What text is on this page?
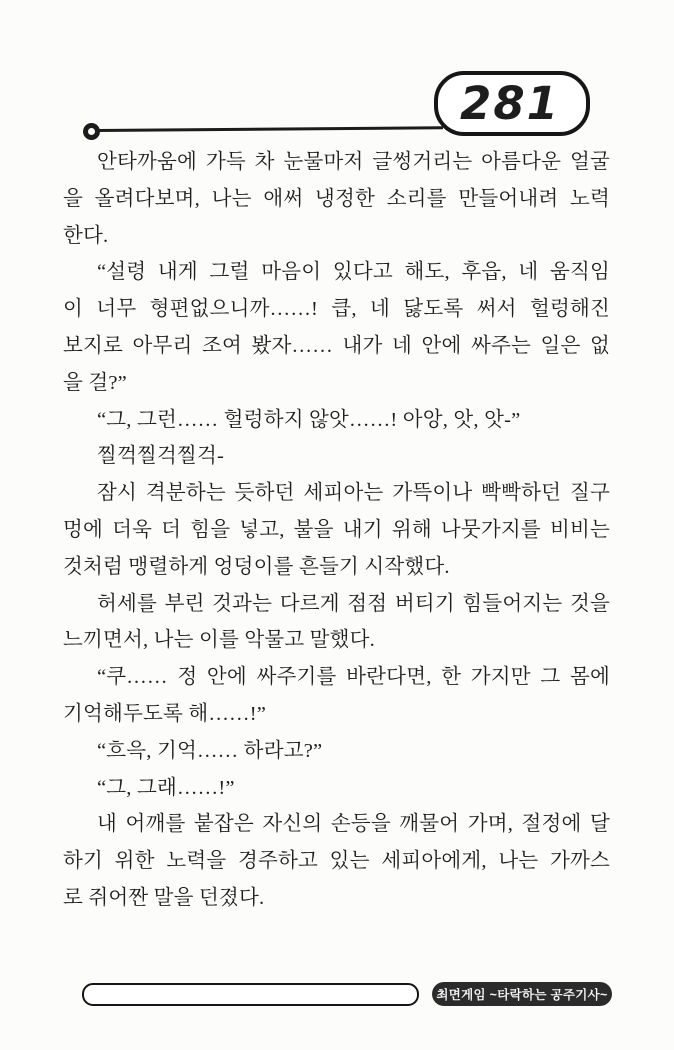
281
안타까움에 가득 차 눈물마저 글썽거리는 아름다운 얼굴
을 올려다보며, 나는 애써 냉정한 소리를 만들어내려 노력
한다.
“설령 내게 그럴 마음이 있다고 해도, 후읍, 네 움직임
이 너무 형편없으니까……! 큽, 네 닳도록 써서 헐렁해진
보지로 아무리 조여 봤자…… 내가 네 안에 싸주는 일은 없
을 걸?”
“그, 그런…… 헐렁하지 않앗……! 아앙, 앗, 앗-”
찔꺽찔걱찔걱-
잠시 격분하는 듯하던 세피아는 가뜩이나 빡빡하던 질구
멍에 더욱 더 힘을 넣고, 불을 내기 위해 나뭇가지를 비비는
것처럼 맹렬하게 엉덩이를 흔들기 시작했다.
허세를 부린 것과는 다르게 점점 버티기 힘들어지는 것을
느끼면서, 나는 이를 악물고 말했다.
“쿠…… 정 안에 싸주기를 바란다면, 한 가지만 그 몸에
기억해두도록 해……!”
“흐윽, 기억…… 하라고?”
“그, 그래……!”
내 어깨를 붙잡은 자신의 손등을 깨물어 가며, 절정에 달
하기 위한 노력을 경주하고 있는 세피아에게, 나는 가까스
로 쥐어짠 말을 던졌다.
최면게임 ~타락하는 공주기사~
